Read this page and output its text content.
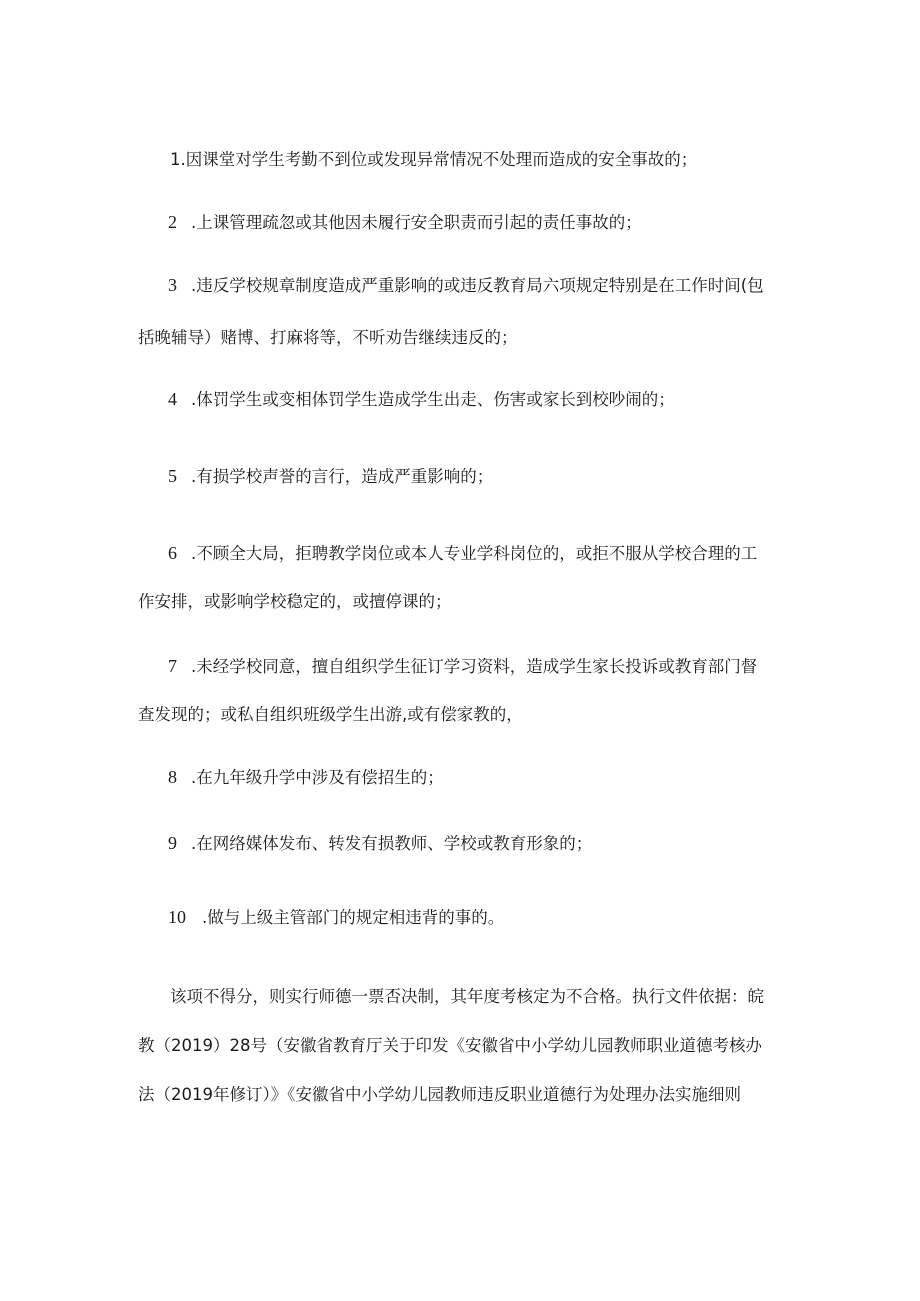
1.因课堂对学生考勤不到位或发现异常情况不处理而造成的安全事故的；
2 .上课管理疏忽或其他因未履行安全职责而引起的责任事故的；
3 .违反学校规章制度造成严重影响的或违反教育局六项规定特别是在工作时间(包
括晚辅导）赌博、打麻将等，不听劝告继续违反的；
4 .体罚学生或变相体罚学生造成学生出走、伤害或家长到校吵闹的；
5 .有损学校声誉的言行，造成严重影响的；
6 .不顾全大局，拒聘教学岗位或本人专业学科岗位的，或拒不服从学校合理的工
作安排，或影响学校稳定的，或擅停课的；
7 .未经学校同意，擅自组织学生征订学习资料，造成学生家长投诉或教育部门督
查发现的；或私自组织班级学生出游,或有偿家教的，
8 .在九年级升学中涉及有偿招生的；
9 .在网络媒体发布、转发有损教师、学校或教育形象的；
10 .做与上级主管部门的规定相违背的事的。
该项不得分，则实行师德一票否决制，其年度考核定为不合格。执行文件依据：皖
教（2019）28号（安徽省教育厅关于印发《安徽省中小学幼儿园教师职业道德考核办
法（2019年修订）》《安徽省中小学幼儿园教师违反职业道德行为处理办法实施细则
